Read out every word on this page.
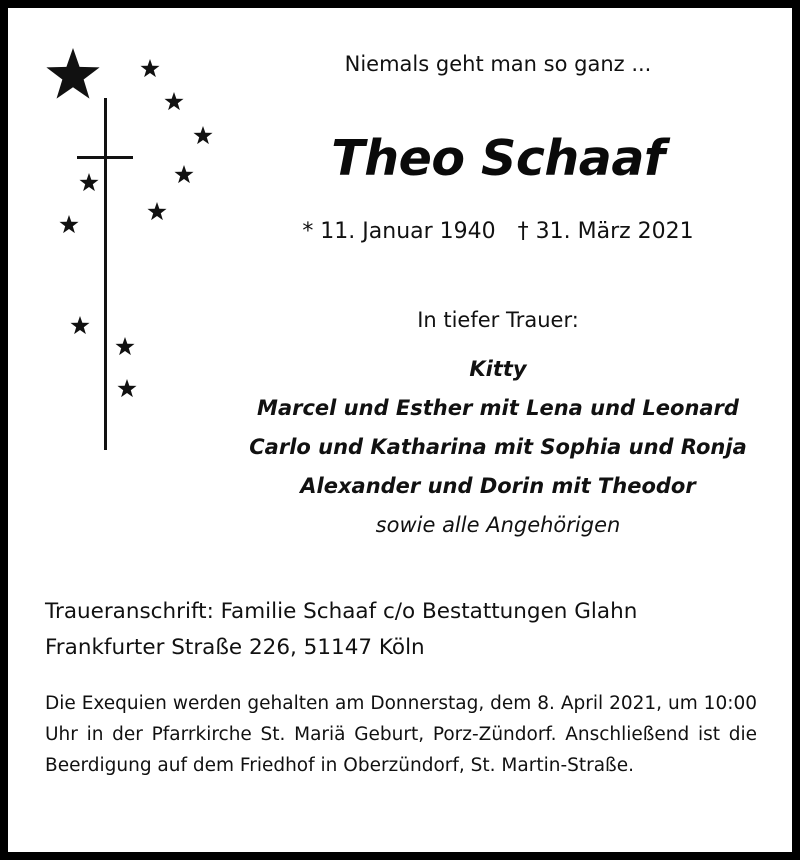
Niemals geht man so ganz ...
Theo Schaaf
* 11. Januar 1940 † 31. März 2021
In tiefer Trauer:
Kitty
Marcel und Esther mit Lena und Leonard
Carlo und Katharina mit Sophia und Ronja
Alexander und Dorin mit Theodor
sowie alle Angehörigen
Traueranschrift: Familie Schaaf c/o Bestattungen Glahn
Frankfurter Straße 226, 51147 Köln
Die Exequien werden gehalten am Donnerstag, dem 8. April 2021, um 10:00 Uhr in der Pfarrkirche St. Mariä Geburt, Porz-Zündorf. Anschließend ist die Beerdigung auf dem Friedhof in Oberzündorf, St. Martin-Straße.
